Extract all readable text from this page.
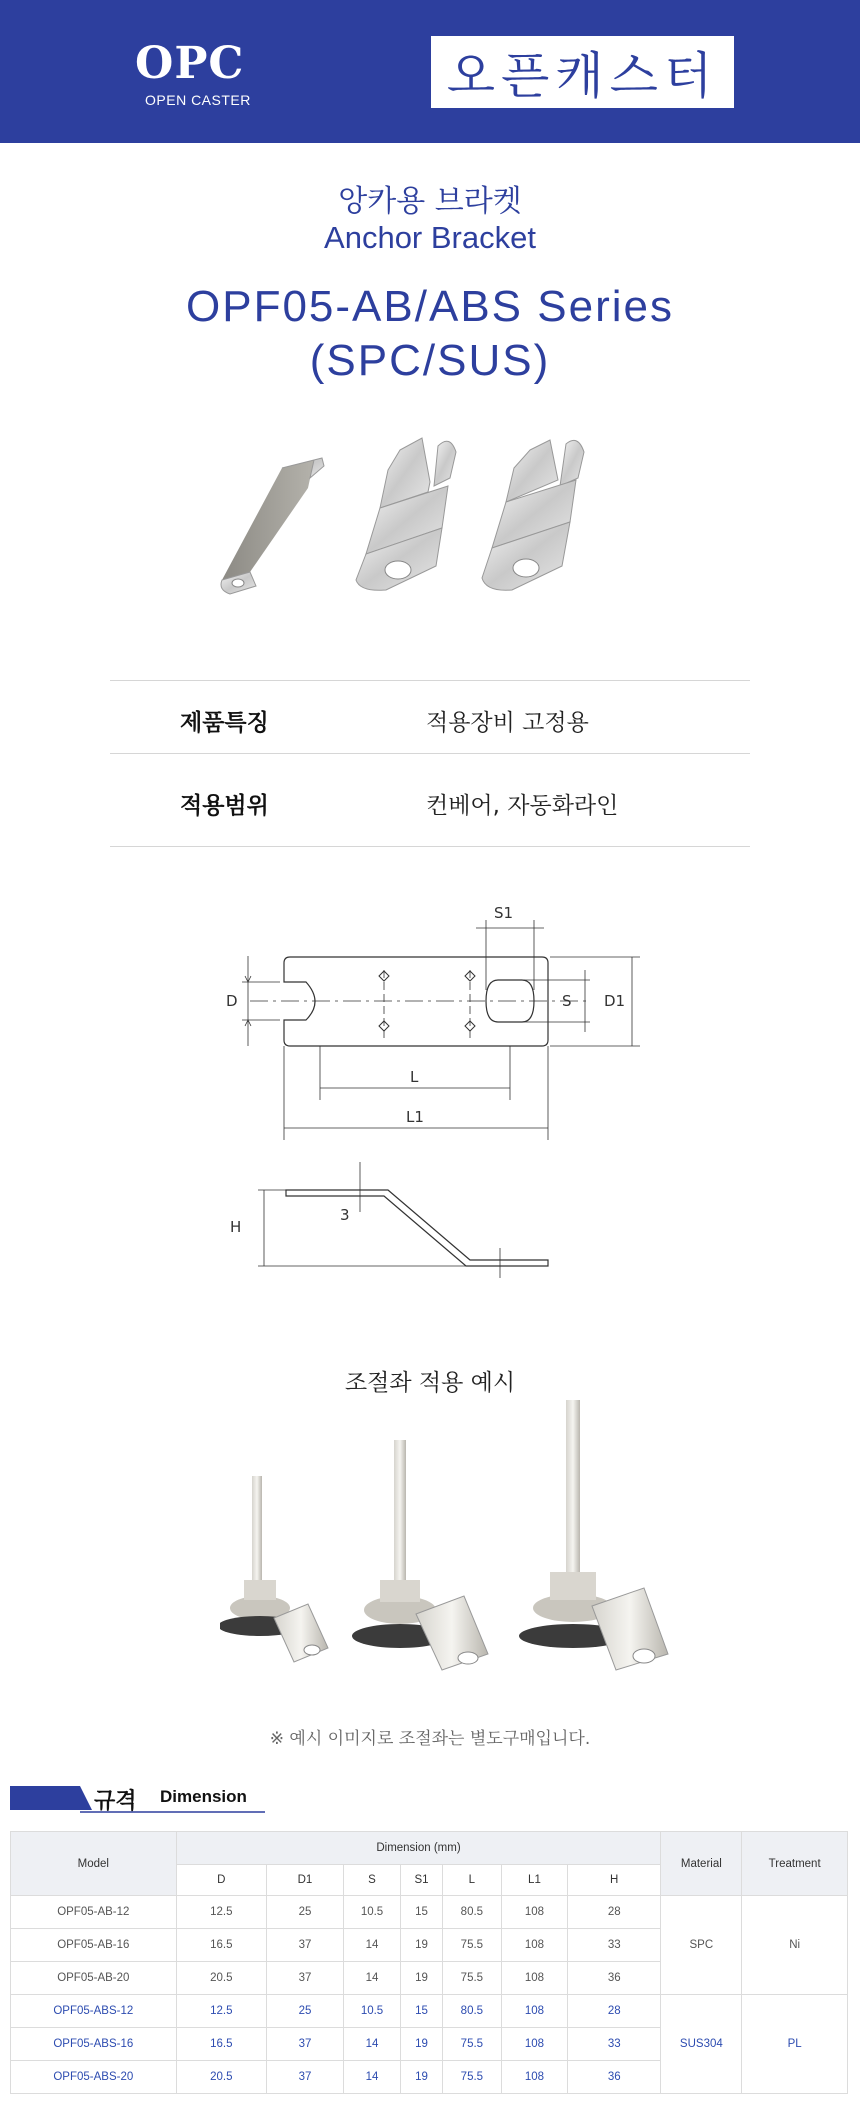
OPC
OPEN CASTER	오픈캐스터
앙카용 브라켓
Anchor Bracket
OPF05-AB/ABS Series
(SPC/SUS)
제품특징	적용장비 고정용
적용범위	컨베어, 자동화라인
S1
D	S D1
L
L1
H
3
조절좌 적용 예시
※ 예시 이미지로 조절좌는 별도구매입니다.
규격 Dimension
Model	Dimension (mm)							Material	Treatment
	D	D1	S	S1	L	L1	H		
OPF05-AB-12	12.5	25	10.5	15	80.5	108	28	SPC	Ni
OPF05-AB-16	16.5	37	14	19	75.5	108	33		
OPF05-AB-20	20.5	37	14	19	75.5	108	36		
OPF05-ABS-12	12.5	25	10.5	15	80.5	108	28	SUS304	PL
OPF05-ABS-16	16.5	37	14	19	75.5	108	33		
OPF05-ABS-20	20.5	37	14	19	75.5	108	36		
